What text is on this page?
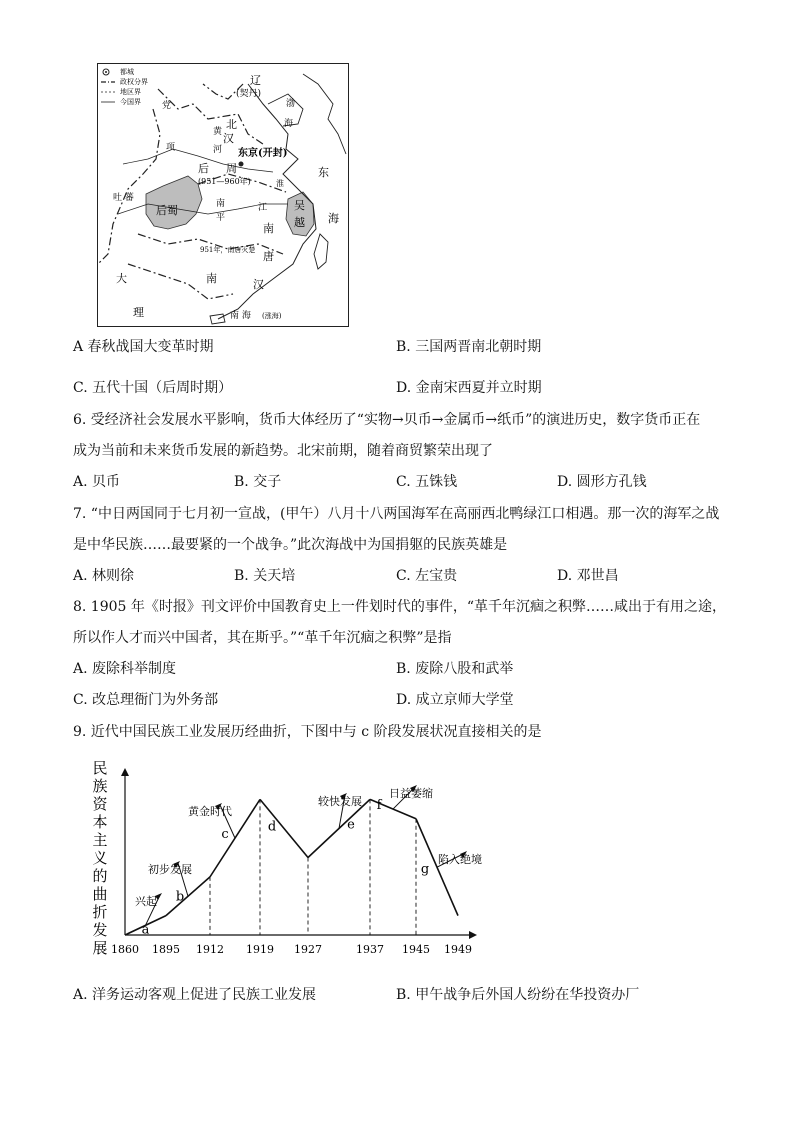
都城
政权分界
地区界
今国界
辽
(契丹)
渤
海
东
海
东京(开封)
北
汉
黄
河
后 周
(951—960年)	淮
党
项
吐 蕃
后蜀	南	江
平
吴
越
南
唐
951年，南唐灭楚
南	汉
大
理	南 海 (涨海)
A 春秋战国大变革时期	B. 三国两晋南北朝时期
C. 五代十国（后周时期）	D. 金南宋西夏并立时期
6. 受经济社会发展水平影响，货币大体经历了“实物→贝币→金属币→纸币”的演进历史，数字货币正在
成为当前和未来货币发展的新趋势。北宋前期，随着商贸繁荣出现了
A. 贝币	B. 交子	C. 五铢钱	D. 圆形方孔钱
7. “中日两国同于七月初一宣战，(甲午）八月十八两国海军在高丽西北鸭绿江口相遇。那一次的海军之战
是中华民族……最要紧的一个战争。”此次海战中为国捐躯的民族英雄是
A. 林则徐	B. 关天培	C. 左宝贵	D. 邓世昌
8. 1905 年《时报》刊文评价中国教育史上一件划时代的事件，“革千年沉痼之积弊……咸出于有用之途，
所以作人才而兴中国者，其在斯乎。”“革千年沉痼之积弊”是指
A. 废除科举制度	B. 废除八股和武举
C. 改总理衙门为外务部	D. 成立京师大学堂
9. 近代中国民族工业发展历经曲折，下图中与 c 阶段发展状况直接相关的是
民
族
资
本
主
义
的
曲
折
发
展 1860 1895 1912 1919 1927	1937 1945 1949
a
b
c
d	e
f
g
兴起
初步发展
黄金时代
较快发展
日益萎缩
陷入绝境
A. 洋务运动客观上促进了民族工业发展	B. 甲午战争后外国人纷纷在华投资办厂
